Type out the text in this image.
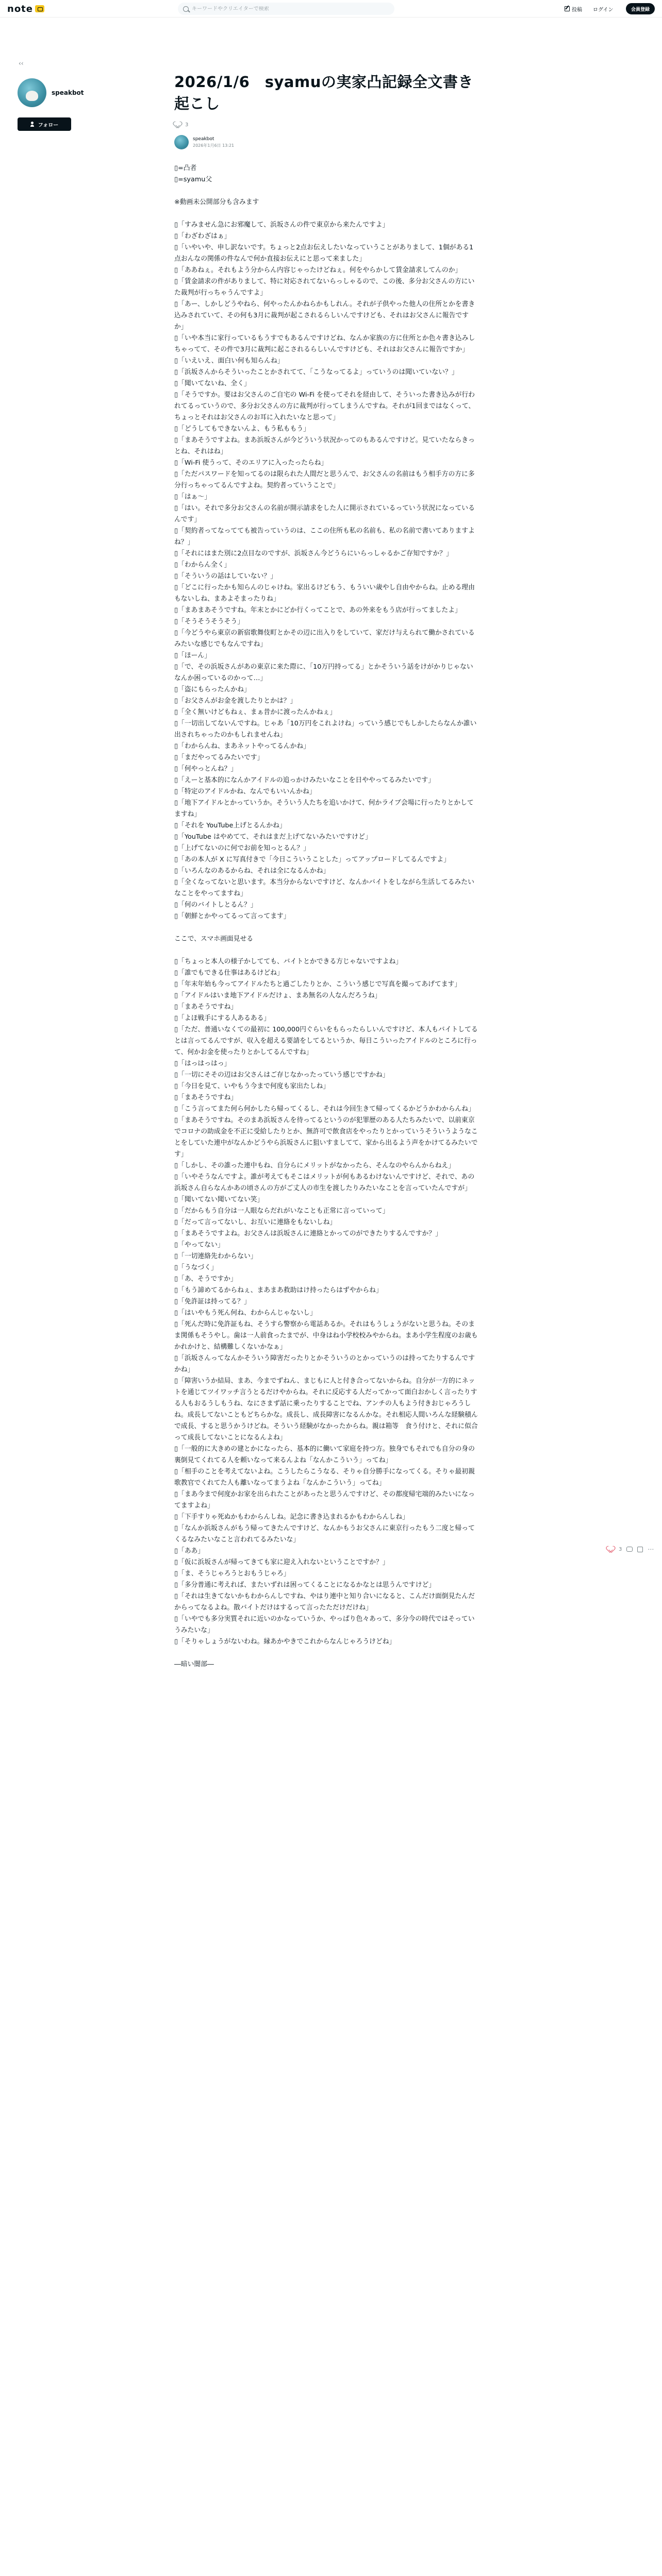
note
キーワードやクリエイターで検索	投稿 ログイン	会員登録
‹‹
speakbot
フォロー
2026/1/6　syamuの実家凸記録全文書き起こし
3
speakbot
2026年1月6日 13:21

▯=凸者

▯=syamu父

※動画未公開部分も含みます

▯「すみません急にお邪魔して、浜坂さんの件で東京から来たんですよ」

▯「わざわざはぁ」

▯「いやいや、申し訳ないです。ちょっと2点お伝えしたいなっていうことがありまして、1個がある1点おんなの関係の件なんで何か直接お伝えにと思って来ました」

▯「ああねぇ。それもよう分からん内容じゃったけどねぇ。何をやらかして賃金請求してんのか」

▯「賃金請求の件がありまして、特に対応されてないらっしゃるので、この後、多分お父さんの方にいた裁判が行っちゃうんですよ」

▯「あー、しかしどうやねら、何やったんかねらかもしれん。それが子供やった他人の住所とかを書き込みされていて、その何も3月に裁判が起こされるらしいんですけども、それはお父さんに報告ですか」

▯「いや本当に家行っているもうすでもあるんですけどね、なんか家族の方に住所とか色々書き込みしちゃってて、その件で3月に裁判に起こされるらしいんですけども、それはお父さんに報告ですか」

▯「いえいえ、面白い何も知らんね」

▯「浜坂さんからそういったことかされてて、「こうなってるよ」っていうのは聞いていない？」

▯「聞いてないね、全く」

▯「そうですか。要はお父さんのご自宅の Wi-Fi を使ってそれを経由して、そういった書き込みが行われてるっていうので、多分お父さんの方に裁判が行ってしまうんですね。それが1回まではなくって、ちょっとそれはお父さんのお耳に入れたいなと思って」

▯「どうしてもできないんよ、もう私ももう」

▯「まあそうですよね。まあ浜坂さんが今どういう状況かってのもあるんですけど。見ていたならきっとね、それはね」

▯「Wi-Fi 使うって、そのエリアに入ったったらね」

▯「ただパスワードを知ってるのは限られた人間だと思うんで、お父さんの名前はもう相手方の方に多分行っちゃってるんですよね。契約者っていうことで」

▯「はぁ～」

▯「はい。それで多分お父さんの名前が開示請求をした人に開示されているっていう状況になっているんです」

▯「契約者ってなってても被告っていうのは、ここの住所も私の名前も、私の名前で書いてありますよね？」

▯「それにはまた別に2点目なのですが、浜坂さん今どうらにいらっしゃるかご存知ですか？」

▯「わからん全く」

▯「そういうの話はしていない？」

▯「どこに行ったかも知らんのじゃけね。家出るけどもう、もういい歳やし自由やからね。止める理由もないしね、まあよそまったりね」

▯「まあまあそうですね。年末とかにどか行くってことで、あの外来をもう店が行ってましたよ」

▯「そうそうそうそう」

▯「今どうやら東京の新宿歌舞伎町とかその辺に出入りをしていて、家だけ与えられて働かされているみたいな感じでもなんですね」

▯「ほーん」

▯「で、その浜坂さんがあの東京に来た際に、「10万円持ってる」とかそういう話をけがかりじゃないなんか困っているのかって…」

▯「盗にもらったんかね」

▯「お父さんがお金を渡したりとかは？」

▯「全く無いけどもねぇ、まぁ昔かに渡ったんかねぇ」

▯「一切出してないんですね。じゃあ「10万円をこれよけね」っていう感じでもしかしたらなんか誰い出されちゃったのかもしれませんね」

▯「わからんね、まあネットやってるんかね」

▯「まだやってるみたいです」

▯「何やっとんね？」

▯「えーと基本的になんかアイドルの追っかけみたいなことを日ややってるみたいです」

▯「特定のアイドルかね、なんでもいいんかね」

▯「地下アイドルとかっていうか。そういう人たちを追いかけて、何かライブ会場に行ったりとかしてますね」

▯「それを YouTube上げとるんかね」

▯「YouTube はやめてて、それはまだ上げてないみたいですけど」

▯「上げてないのに何でお前を知っとるん？」

▯「あの本人が X に写真付きで「今日こういうことした」ってアップロードしてるんですよ」

▯「いろんなのあるからね、それは全になるんかね」

▯「全くなってないと思います。本当分からないですけど、なんかバイトをしながら生活してるみたいなことをやってますね」

▯「何のバイトしとるん？」

▯「朝鮮とかやってるって言ってます」

ここで、スマホ画面見せる

▯「ちょっと本人の様子かしてても、バイトとかできる方じゃないですよね」

▯「誰でもできる仕事はあるけどね」

▯「年末年始も今ってアイドルたちと過ごしたりとか、こういう感じで写真を撮ってあげてます」

▯「アイドルはいま地下アイドルだけょ、まあ無名の人なんだろうね」

▯「まあそうですね」

▯「よほ戦手にする人あるある」

▯「ただ、普通いなくての最初に 100,000円ぐらいをもらったらしいんですけど、本人もバイトしてるとは言ってるんですが、収入を超える要請をしてるというか、毎日こういったアイドルのところに行って、何かお金を使ったりとかしてるんですね」

▯「はっはっはっ」

▯「一切にそその辺はお父さんはご存じなかったっていう感じですかね」

▯「今日を見て、いやもう今まで何度も家出たしね」

▯「まあそうですね」

▯「こう言ってまた何ら何かしたら帰ってくるし、それは今回生きて帰ってくるかどうかわからんね」

▯「まあそうですね。そのまあ浜坂さんを待ってるというのが犯罪歴のある人たちみたいで、以前東京でコロナの助成金を不正に受給したりとか、無許可で飲食店をやったりとかっていうそういうようなことをしていた連中がなんかどうやら浜坂さんに狙いすましてて、家から出るよう声をかけてるみたいです」

▯「しかし、その誰った連中もね、自分らにメリットがなかったら、そんなのやらんからねえ」

▯「いやそうなんですよ。誰が考えてもそこはメリットが何もあるわけないんですけど、それで、あの浜坂さん自らなんかあの頃さんの方がご丈人の市生を渡したりみたいなことを言っていたんですが」

▯「聞いてない聞いてない笑」

▯「だからもう自分は一人眼ならだれがいなことも正常に言っていって」

▯「だって言ってないし、お互いに連絡をもないしね」

▯「まあそうですよね。お父さんは浜坂さんに連絡とかってのができたりするんですか？」

▯「やってない」

▯「一切連絡先わからない」

▯「うなづく」

▯「あ、そうですか」

▯「もう諦めてるからねぇ、まあまあ救助はけ持ったらはずやからね」

▯「免許証は持ってる？」

▯「はいやもう死ん何ね、わからんじゃないし」

▯「死んだ時に免許証もね、そうすら警察から電話あるか。それはもうしょうがないと思うね。そのまま関係もそうやし。歯は一人前食ったまでが、中身はね小学校校みやからね。まあ小学生程度のお歳もかれかけと、結構難しくないかなぁ」

▯「浜坂さんってなんかそういう障害だったりとかそういうのとかっていうのは持ってたりするんですかね」

▯「障害いうか結局、まあ、今までずねん、まじもに人と付き合ってないからね。自分が一方的にネットを通じてツイワッチ言うとるだけやからね。それに反応する人だってかって面白おかしく言ったりする人もおるうしもうね、なにさまず話に乗ったりすることでね、アンチの人もよう付きおじゃろうしね。成長してないこともどちらかな。成長し、成長障害になるんかな。それ相応人間いろんな経験積んで成長、すると思うかうけどね。そういう経験がなかったからね。親は箱等　食う付けと、それに似合って成長してないことになるんよね」

▯「一般的に大きめの建とかになったら、基本的に働いて家庭を持つ方。独身でもそれでも自分の身の裏倒見てくれてる人を頼いなって来るんよね「なんかこういう」ってね」

▯「相手のことを考えてないよね。こうしたらこうなる、そりゃ自分勝手になってくる。そりゃ最初親歌教官でくれてた人も離いなってまうよね「なんかこういう」ってね」

▯「まあ今まで何度かお家を出られたことがあったと思うんですけど、その都度帰宅端的みたいになってますよね」

▯「下手すりゃ死ぬかもわからんしね。記念に書き込まれるかもわからんしね」

▯「なんか浜坂さんがもう帰ってきたんですけど、なんかもうお父さんに東京行ったもう二度と帰ってくるなみたいなこと言われてるみたいな」

▯「ああ」

▯「仮に浜坂さんが帰ってきても家に迎え入れないということですか？」

▯「ま、そうじゃろうとおもうじゃろ」

▯「多分普通に考えれば、またいずれは困ってくることになるかなとは思うんですけど」

▯「それは生きてないかもわからんしですね、やはり連中と知り合いになると、こんだけ面倒見たんだからってなるよね。散バイトだけはするって言ったただけだけね」

▯「いやでも多分実質それに近いのかなっていうか、やっぱり色々あって、多分今の時代ではそっていうみたいな」

▯「そりゃしょうがないわね。縁あかやきでこれからなんじゃろうけどね」

―暗い闇部―

3	⋯
